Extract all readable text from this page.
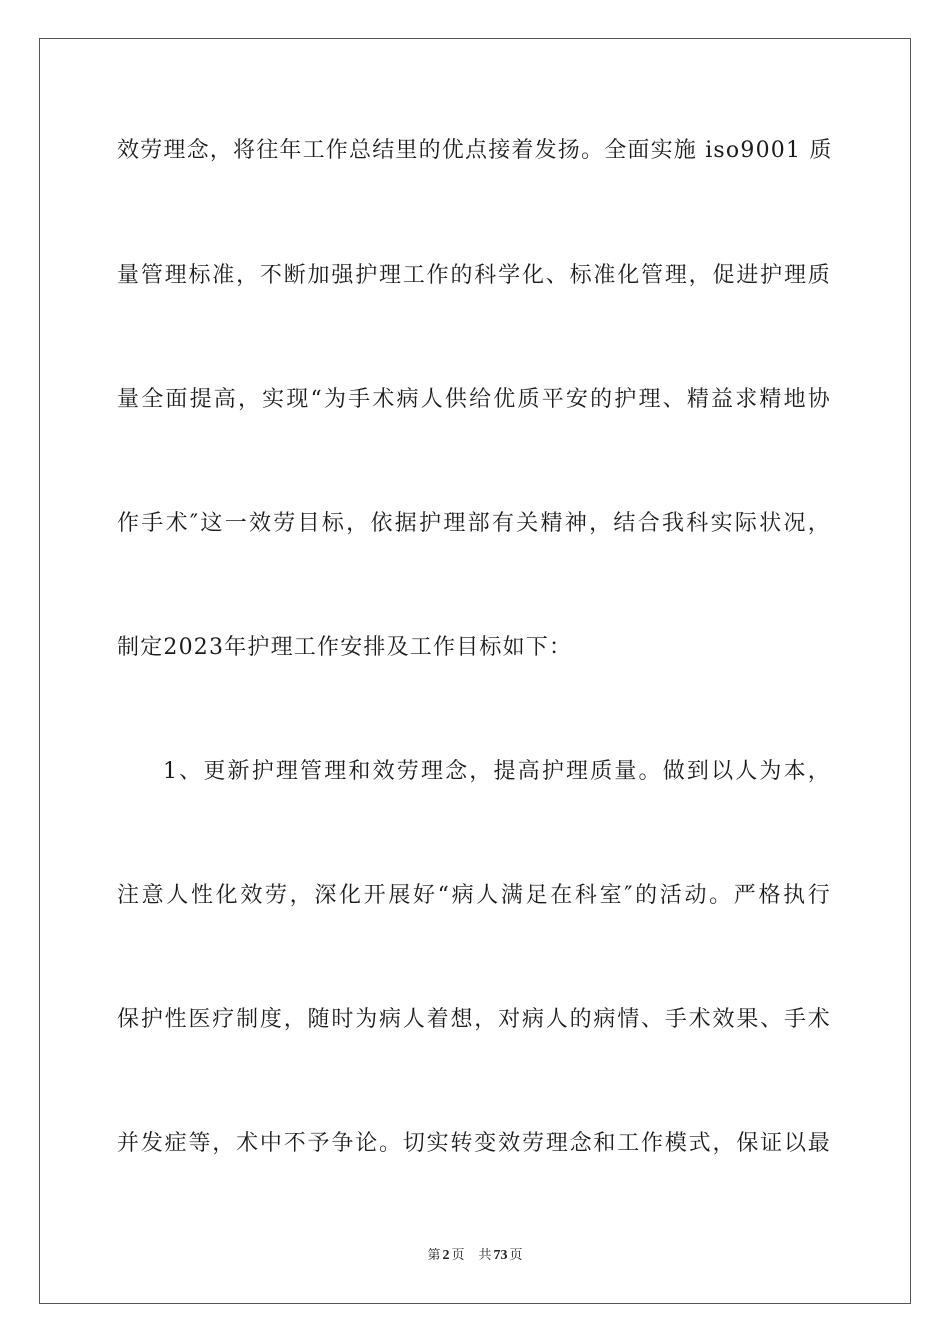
效劳理念，将往年工作总结里的优点接着发扬。全面实施 iso9001 质
量管理标准，不断加强护理工作的科学化、标准化管理，促进护理质
量全面提高，实现“为手术病人供给优质平安的护理、精益求精地协
作手术″这一效劳目标，依据护理部有关精神，结合我科实际状况，
制定2023年护理工作安排及工作目标如下：
1、更新护理管理和效劳理念，提高护理质量。做到以人为本，
注意人性化效劳，深化开展好“病人满足在科室″的活动。严格执行
保护性医疗制度，随时为病人着想，对病人的病情、手术效果、手术
并发症等，术中不予争论。切实转变效劳理念和工作模式，保证以最
第 2 页 共 73 页
